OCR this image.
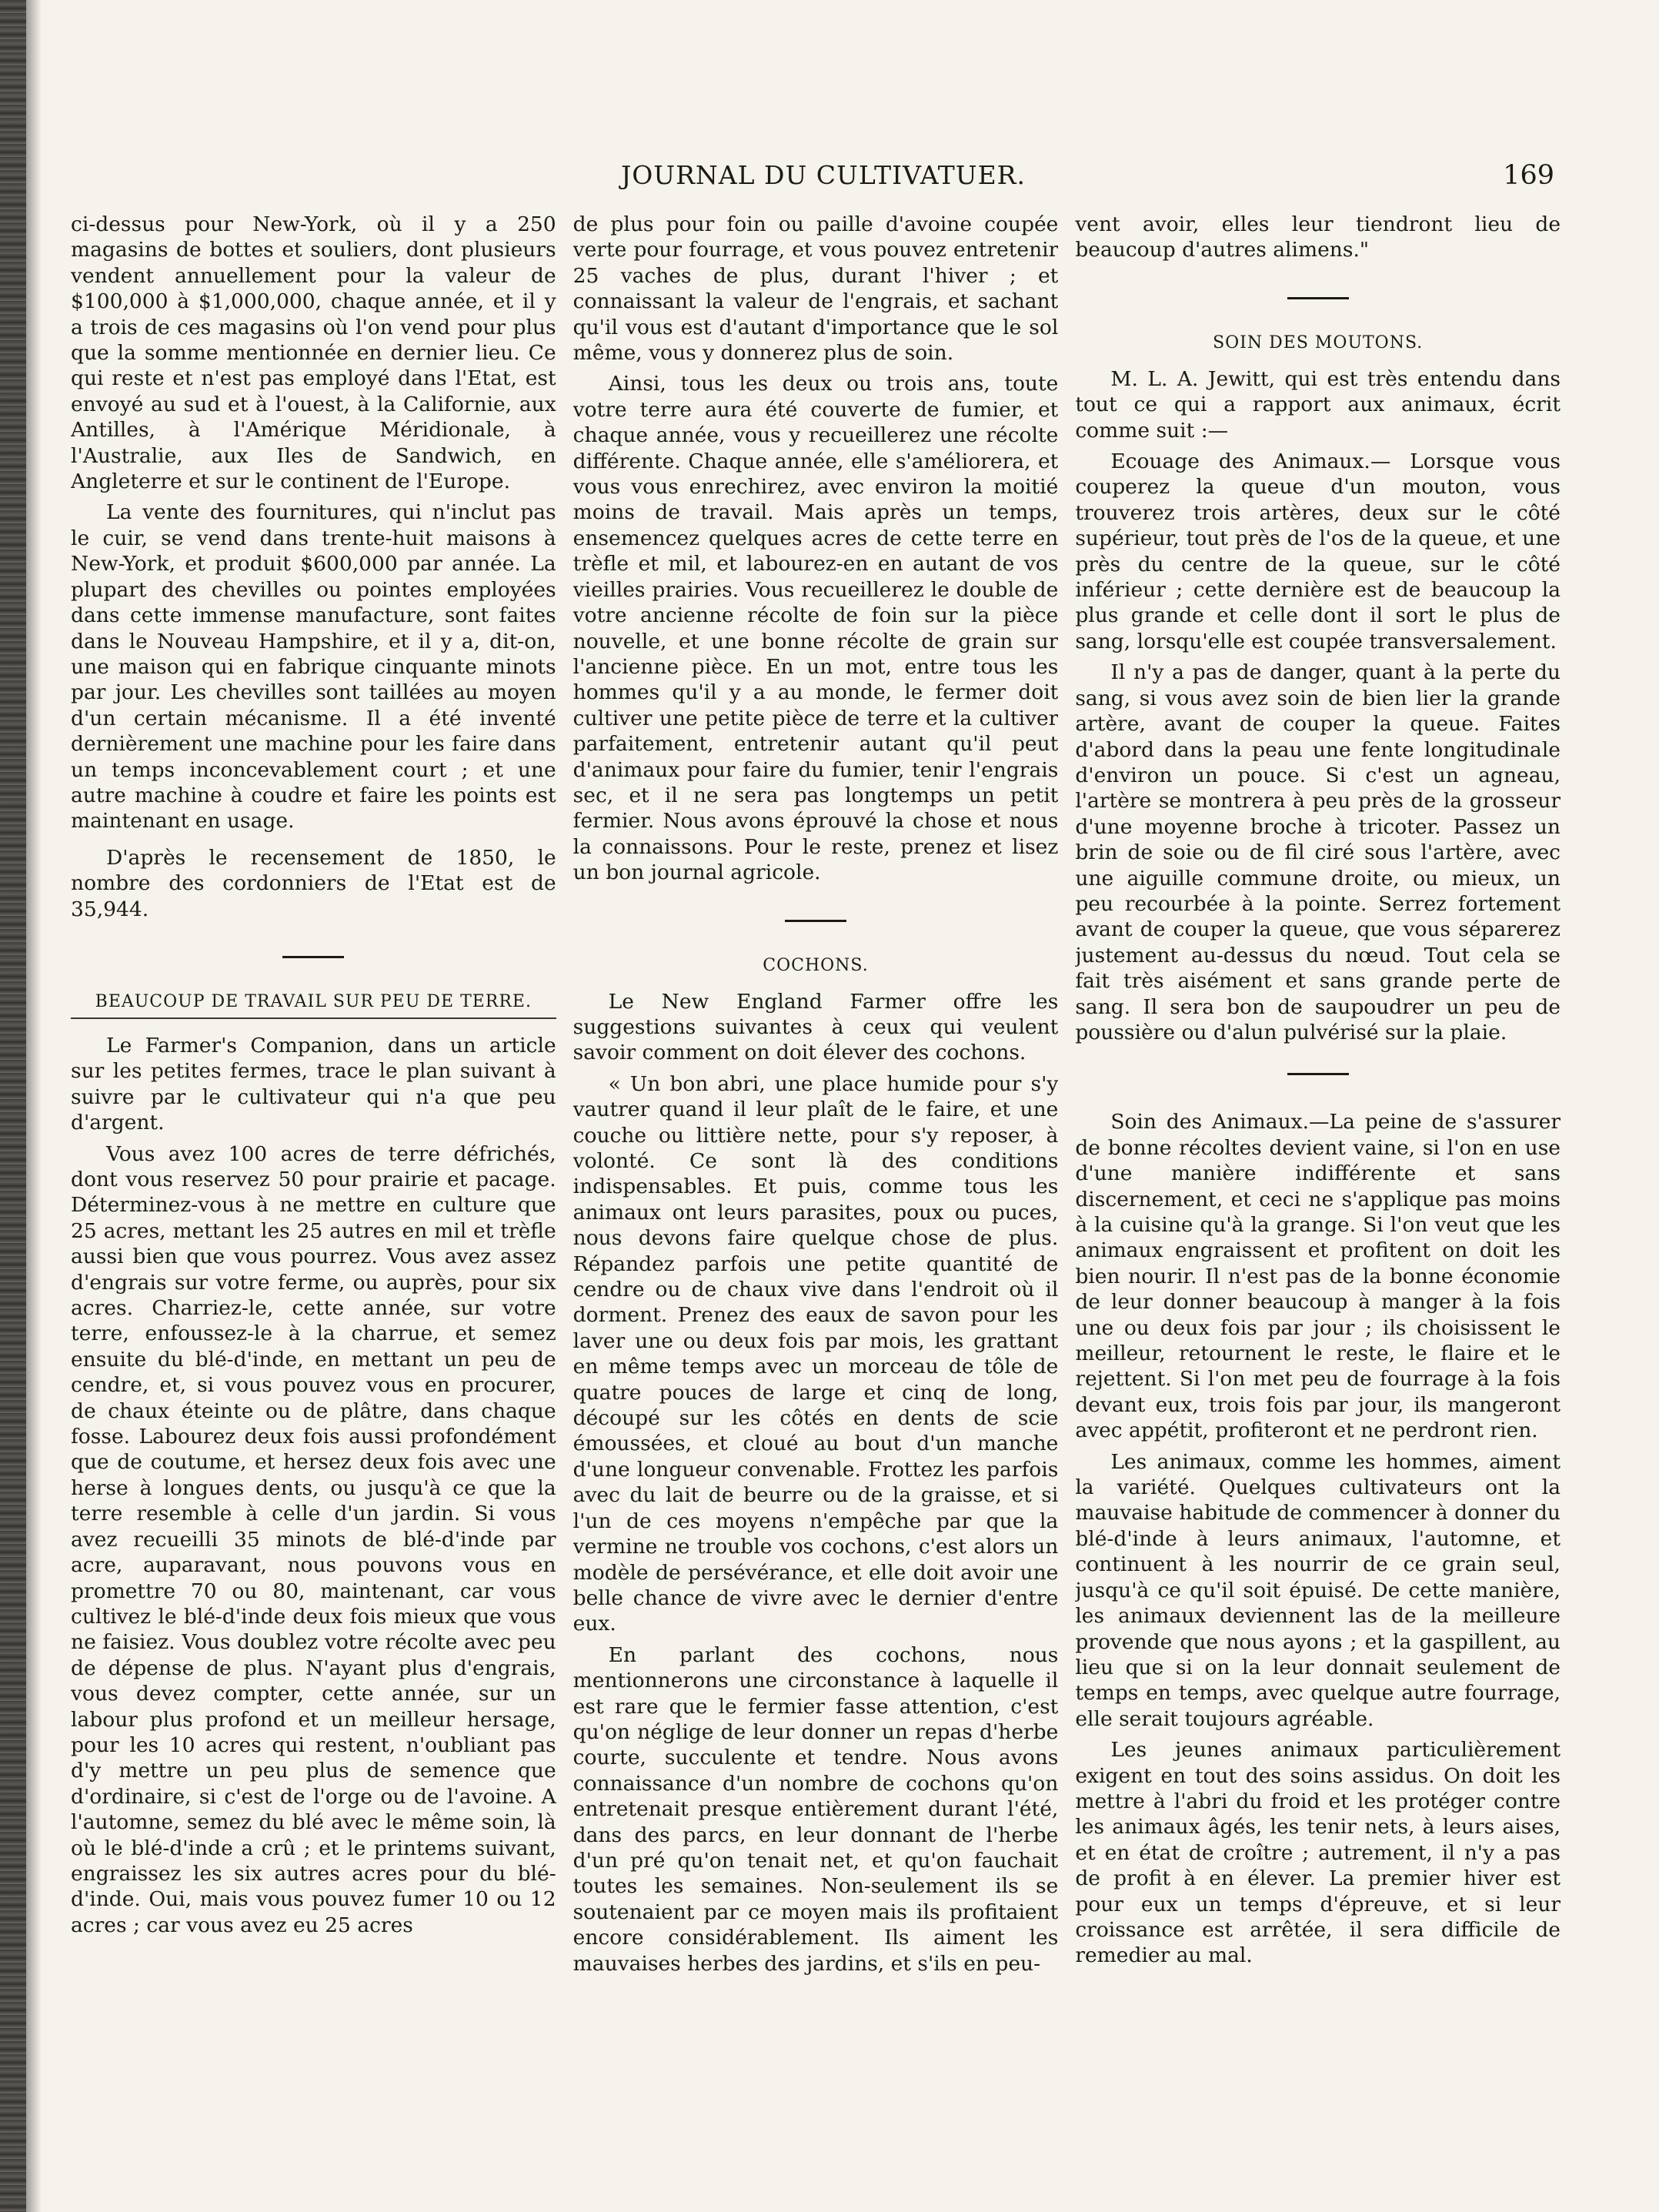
JOURNAL DU CULTIVATUER.	169

ci-dessus pour New-York, où il y a 250 magasins de bottes et souliers, dont plusieurs vendent annuellement pour la valeur de $100,000 à $1,000,000, chaque année, et il y a trois de ces magasins où l'on vend pour plus que la somme mentionnée en dernier lieu. Ce qui reste et n'est pas employé dans l'Etat, est envoyé au sud et à l'ouest, à la Californie, aux Antilles, à l'Amérique Méridionale, à l'Australie, aux Iles de Sandwich, en Angleterre et sur le continent de l'Europe.

La vente des fournitures, qui n'inclut pas le cuir, se vend dans trente-huit maisons à New-York, et produit $600,000 par année. La plupart des chevilles ou pointes employées dans cette immense manufacture, sont faites dans le Nouveau Hampshire, et il y a, dit-on, une maison qui en fabrique cinquante minots par jour. Les chevilles sont taillées au moyen d'un certain mécanisme. Il a été inventé dernièrement une machine pour les faire dans un temps inconcevablement court ; et une autre machine à coudre et faire les points est maintenant en usage.

D'après le recensement de 1850, le nombre des cordonniers de l'Etat est de 35,944.

BEAUCOUP DE TRAVAIL SUR PEU DE TERRE.

Le Farmer's Companion, dans un article sur les petites fermes, trace le plan suivant à suivre par le cultivateur qui n'a que peu d'argent.

Vous avez 100 acres de terre défrichés, dont vous reservez 50 pour prairie et pacage. Déterminez-vous à ne mettre en culture que 25 acres, mettant les 25 autres en mil et trèfle aussi bien que vous pourrez. Vous avez assez d'engrais sur votre ferme, ou auprès, pour six acres. Charriez-le, cette année, sur votre terre, enfoussez-le à la charrue, et semez ensuite du blé-d'inde, en mettant un peu de cendre, et, si vous pouvez vous en procurer, de chaux éteinte ou de plâtre, dans chaque fosse. Labourez deux fois aussi profondément que de coutume, et hersez deux fois avec une herse à longues dents, ou jusqu'à ce que la terre resemble à celle d'un jardin. Si vous avez recueilli 35 minots de blé-d'inde par acre, auparavant, nous pouvons vous en promettre 70 ou 80, maintenant, car vous cultivez le blé-d'inde deux fois mieux que vous ne faisiez. Vous doublez votre récolte avec peu de dépense de plus. N'ayant plus d'engrais, vous devez compter, cette année, sur un labour plus profond et un meilleur hersage, pour les 10 acres qui restent, n'oubliant pas d'y mettre un peu plus de semence que d'ordinaire, si c'est de l'orge ou de l'avoine. A l'automne, semez du blé avec le même soin, là où le blé-d'inde a crû ; et le printems suivant, engraissez les six autres acres pour du blé-d'inde. Oui, mais vous pouvez fumer 10 ou 12 acres ; car vous avez eu 25 acres

de plus pour foin ou paille d'avoine coupée verte pour fourrage, et vous pouvez entretenir 25 vaches de plus, durant l'hiver ; et connaissant la valeur de l'engrais, et sachant qu'il vous est d'autant d'importance que le sol même, vous y donnerez plus de soin.

Ainsi, tous les deux ou trois ans, toute votre terre aura été couverte de fumier, et chaque année, vous y recueillerez une récolte différente. Chaque année, elle s'améliorera, et vous vous enrechirez, avec environ la moitié moins de travail. Mais après un temps, ensemencez quelques acres de cette terre en trèfle et mil, et labourez-en en autant de vos vieilles prairies. Vous recueillerez le double de votre ancienne récolte de foin sur la pièce nouvelle, et une bonne récolte de grain sur l'ancienne pièce. En un mot, entre tous les hommes qu'il y a au monde, le fermer doit cultiver une petite pièce de terre et la cultiver parfaitement, entretenir autant qu'il peut d'animaux pour faire du fumier, tenir l'engrais sec, et il ne sera pas longtemps un petit fermier. Nous avons éprouvé la chose et nous la connaissons. Pour le reste, prenez et lisez un bon journal agricole.

COCHONS.

Le New England Farmer offre les suggestions suivantes à ceux qui veulent savoir comment on doit élever des cochons.

« Un bon abri, une place humide pour s'y vautrer quand il leur plaît de le faire, et une couche ou littière nette, pour s'y reposer, à volonté. Ce sont là des conditions indispensables. Et puis, comme tous les animaux ont leurs parasites, poux ou puces, nous devons faire quelque chose de plus. Répandez parfois une petite quantité de cendre ou de chaux vive dans l'endroit où il dorment. Prenez des eaux de savon pour les laver une ou deux fois par mois, les grattant en même temps avec un morceau de tôle de quatre pouces de large et cinq de long, découpé sur les côtés en dents de scie émoussées, et cloué au bout d'un manche d'une longueur convenable. Frottez les parfois avec du lait de beurre ou de la graisse, et si l'un de ces moyens n'empêche par que la vermine ne trouble vos cochons, c'est alors un modèle de persévérance, et elle doit avoir une belle chance de vivre avec le dernier d'entre eux.

En parlant des cochons, nous mentionnerons une circonstance à laquelle il est rare que le fermier fasse attention, c'est qu'on néglige de leur donner un repas d'herbe courte, succulente et tendre. Nous avons connaissance d'un nombre de cochons qu'on entretenait presque entièrement durant l'été, dans des parcs, en leur donnant de l'herbe d'un pré qu'on tenait net, et qu'on fauchait toutes les semaines. Non-seulement ils se soutenaient par ce moyen mais ils profitaient encore considérablement. Ils aiment les mauvaises herbes des jardins, et s'ils en peu-

vent avoir, elles leur tiendront lieu de beaucoup d'autres alimens."

SOIN DES MOUTONS.

M. L. A. Jewitt, qui est très entendu dans tout ce qui a rapport aux animaux, écrit comme suit :—

Ecouage des Animaux.— Lorsque vous couperez la queue d'un mouton, vous trouverez trois artères, deux sur le côté supérieur, tout près de l'os de la queue, et une près du centre de la queue, sur le côté inférieur ; cette dernière est de beaucoup la plus grande et celle dont il sort le plus de sang, lorsqu'elle est coupée transversalement.

Il n'y a pas de danger, quant à la perte du sang, si vous avez soin de bien lier la grande artère, avant de couper la queue. Faites d'abord dans la peau une fente longitudinale d'environ un pouce. Si c'est un agneau, l'artère se montrera à peu près de la grosseur d'une moyenne broche à tricoter. Passez un brin de soie ou de fil ciré sous l'artère, avec une aiguille commune droite, ou mieux, un peu recourbée à la pointe. Serrez fortement avant de couper la queue, que vous séparerez justement au-dessus du nœud. Tout cela se fait très aisément et sans grande perte de sang. Il sera bon de saupoudrer un peu de poussière ou d'alun pulvérisé sur la plaie.

Soin des Animaux.—La peine de s'assurer de bonne récoltes devient vaine, si l'on en use d'une manière indifférente et sans discernement, et ceci ne s'applique pas moins à la cuisine qu'à la grange. Si l'on veut que les animaux engraissent et profitent on doit les bien nourir. Il n'est pas de la bonne économie de leur donner beaucoup à manger à la fois une ou deux fois par jour ; ils choisissent le meilleur, retournent le reste, le flaire et le rejettent. Si l'on met peu de fourrage à la fois devant eux, trois fois par jour, ils mangeront avec appétit, profiteront et ne perdront rien.

Les animaux, comme les hommes, aiment la variété. Quelques cultivateurs ont la mauvaise habitude de commencer à donner du blé-d'inde à leurs animaux, l'automne, et continuent à les nourrir de ce grain seul, jusqu'à ce qu'il soit épuisé. De cette manière, les animaux deviennent las de la meilleure provende que nous ayons ; et la gaspillent, au lieu que si on la leur donnait seulement de temps en temps, avec quelque autre fourrage, elle serait toujours agréable.

Les jeunes animaux particulièrement exigent en tout des soins assidus. On doit les mettre à l'abri du froid et les protéger contre les animaux âgés, les tenir nets, à leurs aises, et en état de croître ; autrement, il n'y a pas de profit à en élever. La premier hiver est pour eux un temps d'épreuve, et si leur croissance est arrêtée, il sera difficile de remedier au mal.
